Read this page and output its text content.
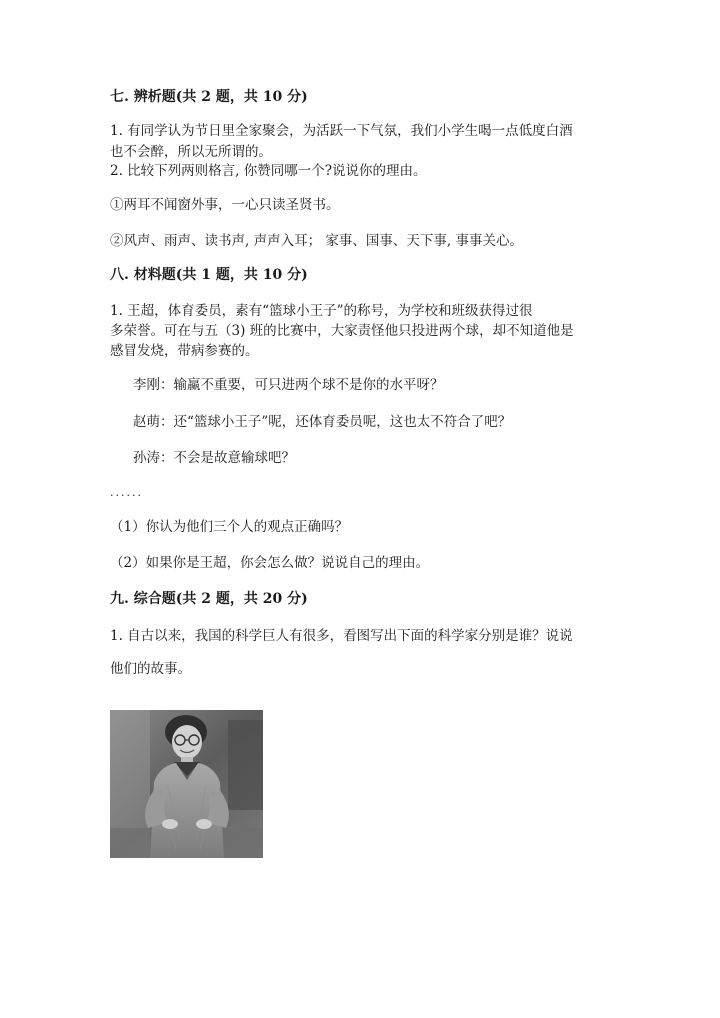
七. 辨析题(共 2 题，共 10 分)
1. 有同学认为节日里全家聚会，为活跃一下气氛，我们小学生喝一点低度白酒
也不会醉，所以无所谓的。
2. 比较下列两则格言, 你赞同哪一个?说说你的理由。
①两耳不闻窗外事，一心只读圣贤书。
②风声、雨声、读书声, 声声入耳； 家事、国事、天下事, 事事关心。
八. 材料题(共 1 题，共 10 分)
1. 王超，体育委员，素有“篮球小王子”的称号，为学校和班级获得过很
多荣誉。可在与五（3) 班的比赛中，大家责怪他只投进两个球，却不知道他是
感冒发烧，带病参赛的。
李刚：输赢不重要，可只进两个球不是你的水平呀？
赵萌：还“篮球小王子”呢，还体育委员呢，这也太不符合了吧？
孙涛：不会是故意输球吧？
......
（1）你认为他们三个人的观点正确吗？
（2）如果你是王超，你会怎么做？说说自己的理由。
九. 综合题(共 2 题，共 20 分)
1. 自古以来，我国的科学巨人有很多，看图写出下面的科学家分别是谁？说说
他们的故事。
